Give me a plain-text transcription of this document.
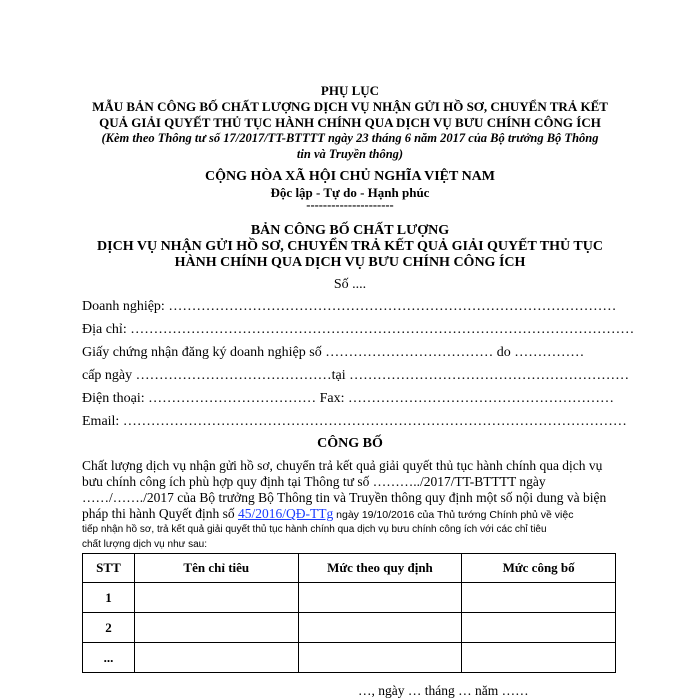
PHỤ LỤC
MẪU BẢN CÔNG BỐ CHẤT LƯỢNG DỊCH VỤ NHẬN GỬI HỒ SƠ, CHUYỂN TRẢ KẾT
QUẢ GIẢI QUYẾT THỦ TỤC HÀNH CHÍNH QUA DỊCH VỤ BƯU CHÍNH CÔNG ÍCH
(Kèm theo Thông tư số 17/2017/TT-BTTTT ngày 23 tháng 6 năm 2017 của Bộ trưởng Bộ Thông
tin và Truyền thông)
CỘNG HÒA XÃ HỘI CHỦ NGHĨA VIỆT NAM
Độc lập - Tự do - Hạnh phúc
---------------------
BẢN CÔNG BỐ CHẤT LƯỢNG
DỊCH VỤ NHẬN GỬI HỒ SƠ, CHUYỂN TRẢ KẾT QUẢ GIẢI QUYẾT THỦ TỤC
HÀNH CHÍNH QUA DỊCH VỤ BƯU CHÍNH CÔNG ÍCH
Số ....
Doanh nghiệp: ……………………………………………………………………………………
Địa chỉ: ………………………………………………………………………………………………
Giấy chứng nhận đăng ký doanh nghiệp số ……………………………… do ……………
cấp ngày ……………………………………tại ……………………………………………………
Điện thoại: ……………………………… Fax: …………………………………………………
Email: ………………………………………………………………………………………………
CÔNG BỐ
Chất lượng dịch vụ nhận gửi hồ sơ, chuyển trả kết quả giải quyết thủ tục hành chính qua dịch vụ
bưu chính công ích phù hợp quy định tại Thông tư số ………../2017/TT-BTTTT ngày
……/……./2017 của Bộ trưởng Bộ Thông tin và Truyền thông quy định một số nội dung và biện
pháp thi hành Quyết định số 45/2016/QĐ-TTg ngày 19/10/2016 của Thủ tướng Chính phủ về việc
tiếp nhận hồ sơ, trả kết quả giải quyết thủ tục hành chính qua dịch vụ bưu chính công ích với các chỉ tiêu
chất lượng dịch vụ như sau:
STT	Tên chỉ tiêu	Mức theo quy định	Mức công bố
1			
2			
...			
…, ngày … tháng … năm ……
